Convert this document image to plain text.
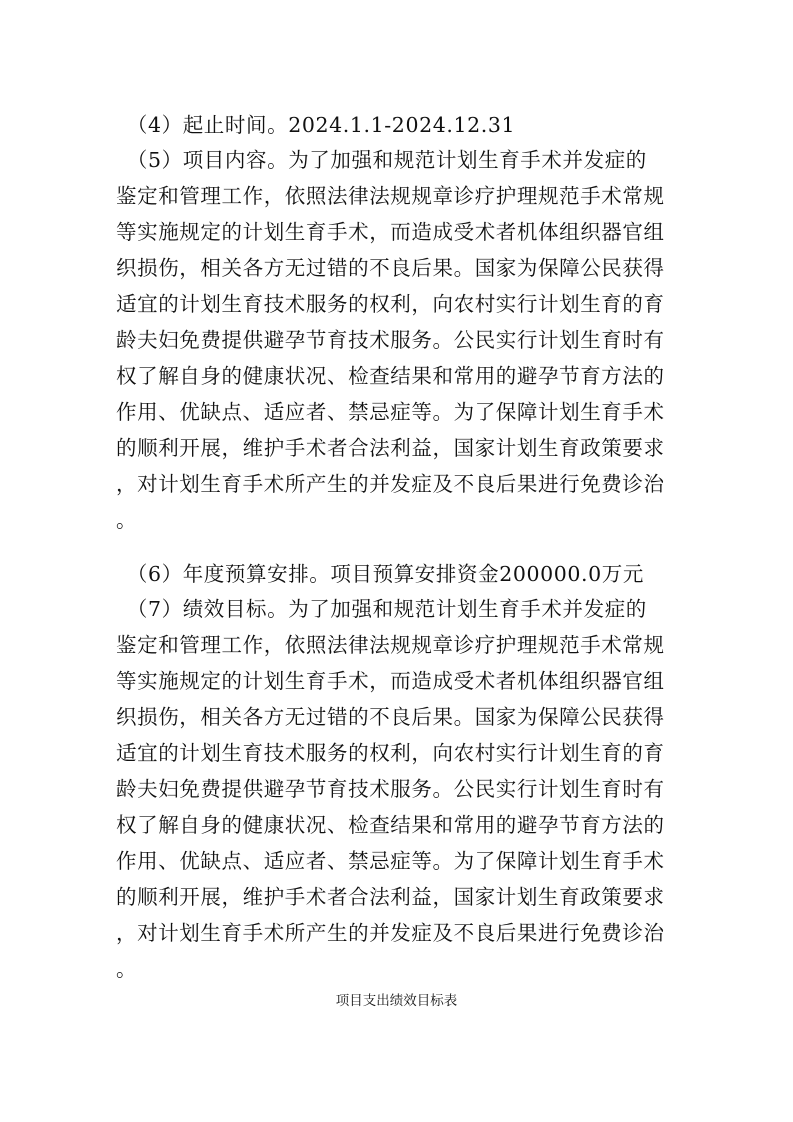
　（4）起止时间。2024.1.1-2024.12.31
　（5）项目内容。为了加强和规范计划生育手术并发症的
鉴定和管理工作，依照法律法规规章诊疗护理规范手术常规
等实施规定的计划生育手术，而造成受术者机体组织器官组
织损伤，相关各方无过错的不良后果。国家为保障公民获得
适宜的计划生育技术服务的权利，向农村实行计划生育的育
龄夫妇免费提供避孕节育技术服务。公民实行计划生育时有
权了解自身的健康状况、检查结果和常用的避孕节育方法的
作用、优缺点、适应者、禁忌症等。为了保障计划生育手术
的顺利开展，维护手术者合法利益，国家计划生育政策要求
，对计划生育手术所产生的并发症及不良后果进行免费诊治
。
　（6）年度预算安排。项目预算安排资金200000.0万元
　（7）绩效目标。为了加强和规范计划生育手术并发症的
鉴定和管理工作，依照法律法规规章诊疗护理规范手术常规
等实施规定的计划生育手术，而造成受术者机体组织器官组
织损伤，相关各方无过错的不良后果。国家为保障公民获得
适宜的计划生育技术服务的权利，向农村实行计划生育的育
龄夫妇免费提供避孕节育技术服务。公民实行计划生育时有
权了解自身的健康状况、检查结果和常用的避孕节育方法的
作用、优缺点、适应者、禁忌症等。为了保障计划生育手术
的顺利开展，维护手术者合法利益，国家计划生育政策要求
，对计划生育手术所产生的并发症及不良后果进行免费诊治
。
项目支出绩效目标表
